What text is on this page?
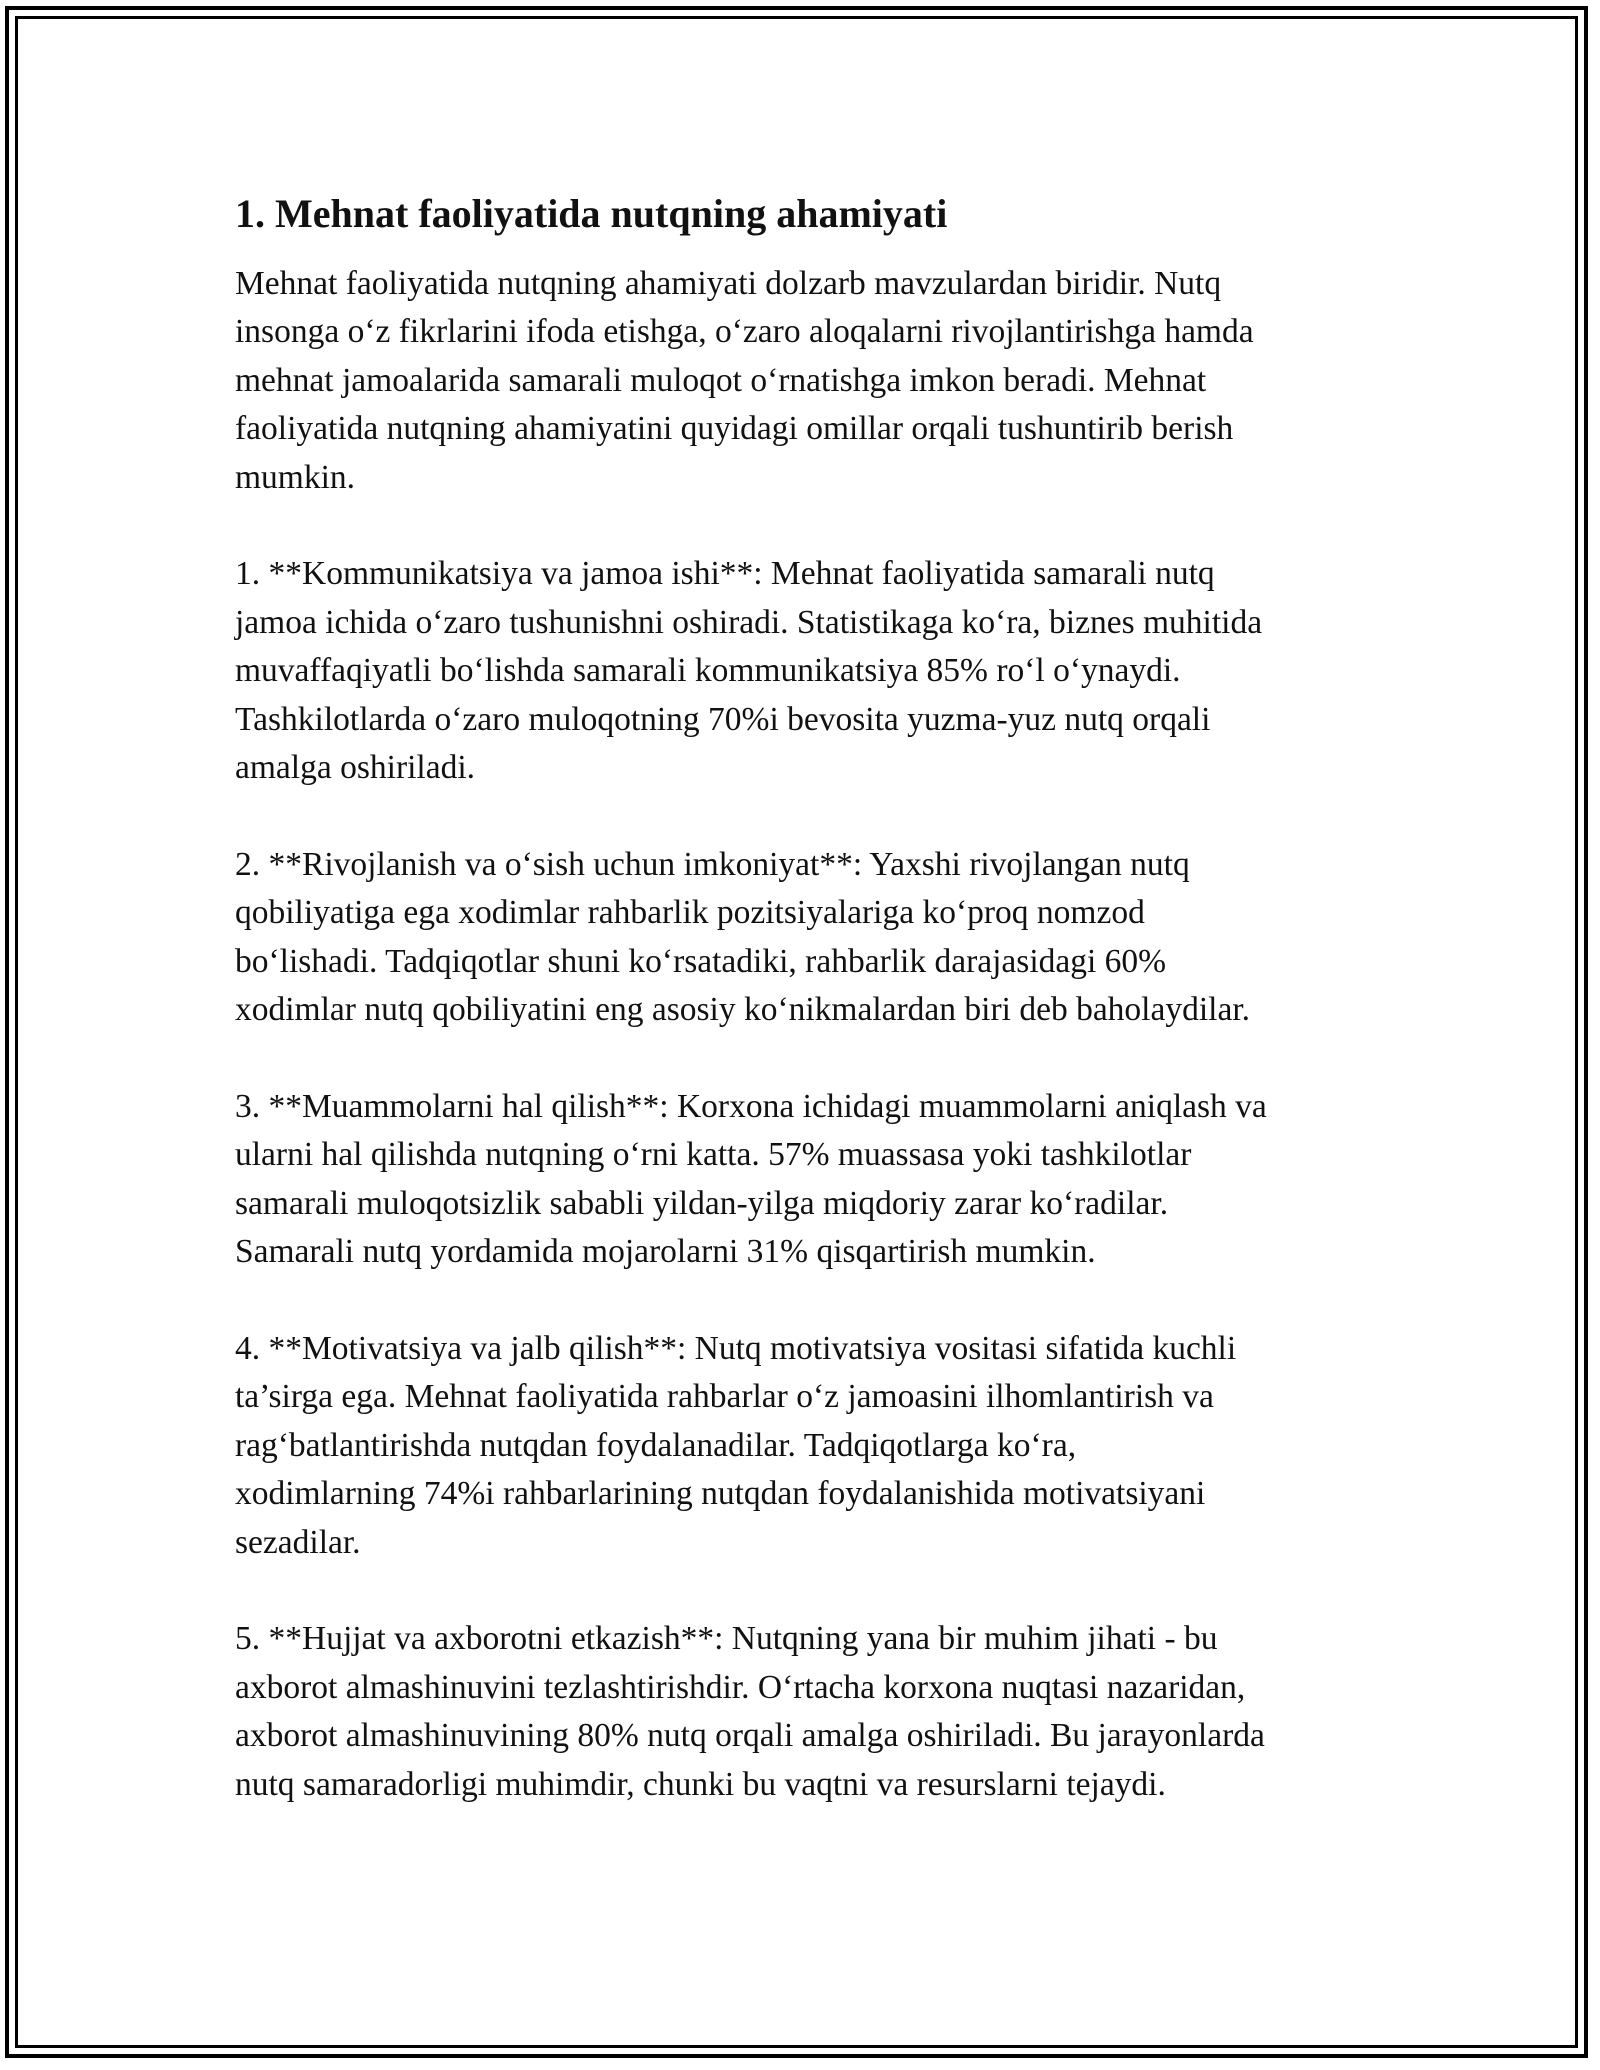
1. Mehnat faoliyatida nutqning ahamiyati

Mehnat faoliyatida nutqning ahamiyati dolzarb mavzulardan biridir. Nutq
insonga o‘z fikrlarini ifoda etishga, o‘zaro aloqalarni rivojlantirishga hamda
mehnat jamoalarida samarali muloqot o‘rnatishga imkon beradi. Mehnat
faoliyatida nutqning ahamiyatini quyidagi omillar orqali tushuntirib berish
mumkin.

1. **Kommunikatsiya va jamoa ishi**: Mehnat faoliyatida samarali nutq
jamoa ichida o‘zaro tushunishni oshiradi. Statistikaga ko‘ra, biznes muhitida
muvaffaqiyatli bo‘lishda samarali kommunikatsiya 85% ro‘l o‘ynaydi.
Tashkilotlarda o‘zaro muloqotning 70%i bevosita yuzma-yuz nutq orqali
amalga oshiriladi.

2. **Rivojlanish va o‘sish uchun imkoniyat**: Yaxshi rivojlangan nutq
qobiliyatiga ega xodimlar rahbarlik pozitsiyalariga ko‘proq nomzod
bo‘lishadi. Tadqiqotlar shuni ko‘rsatadiki, rahbarlik darajasidagi 60%
xodimlar nutq qobiliyatini eng asosiy ko‘nikmalardan biri deb baholaydilar.

3. **Muammolarni hal qilish**: Korxona ichidagi muammolarni aniqlash va
ularni hal qilishda nutqning o‘rni katta. 57% muassasa yoki tashkilotlar
samarali muloqotsizlik sababli yildan-yilga miqdoriy zarar ko‘radilar.
Samarali nutq yordamida mojarolarni 31% qisqartirish mumkin.

4. **Motivatsiya va jalb qilish**: Nutq motivatsiya vositasi sifatida kuchli
ta’sirga ega. Mehnat faoliyatida rahbarlar o‘z jamoasini ilhomlantirish va
rag‘batlantirishda nutqdan foydalanadilar. Tadqiqotlarga ko‘ra,
xodimlarning 74%i rahbarlarining nutqdan foydalanishida motivatsiyani
sezadilar.

5. **Hujjat va axborotni etkazish**: Nutqning yana bir muhim jihati - bu
axborot almashinuvini tezlashtirishdir. O‘rtacha korxona nuqtasi nazaridan,
axborot almashinuvining 80% nutq orqali amalga oshiriladi. Bu jarayonlarda
nutq samaradorligi muhimdir, chunki bu vaqtni va resurslarni tejaydi.
